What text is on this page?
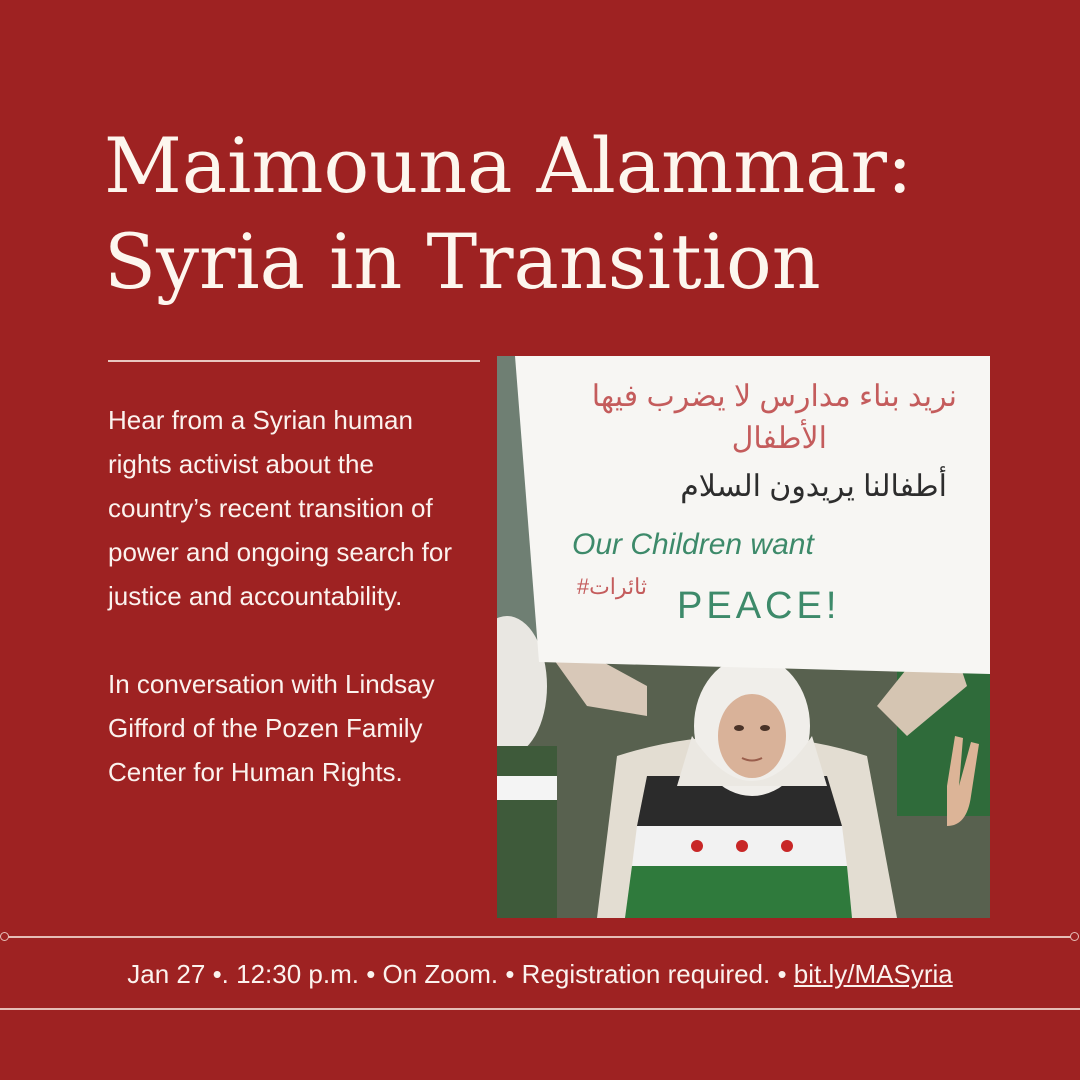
Maimouna Alammar:
Syria in Transition

Hear from a Syrian human rights activist about the country’s recent transition of power and ongoing search for justice and accountability.

In conversation with Lindsay Gifford of the Pozen Family Center for Human Rights.

نريد بناء مدارس لا يضرب فيها
الأطفال
أطفالنا يريدون السلام
Our Children want
PEACE!
#ثائرات
Jan 27 •. 12:30 p.m. • On Zoom. • Registration required. • bit.ly/MASyria
